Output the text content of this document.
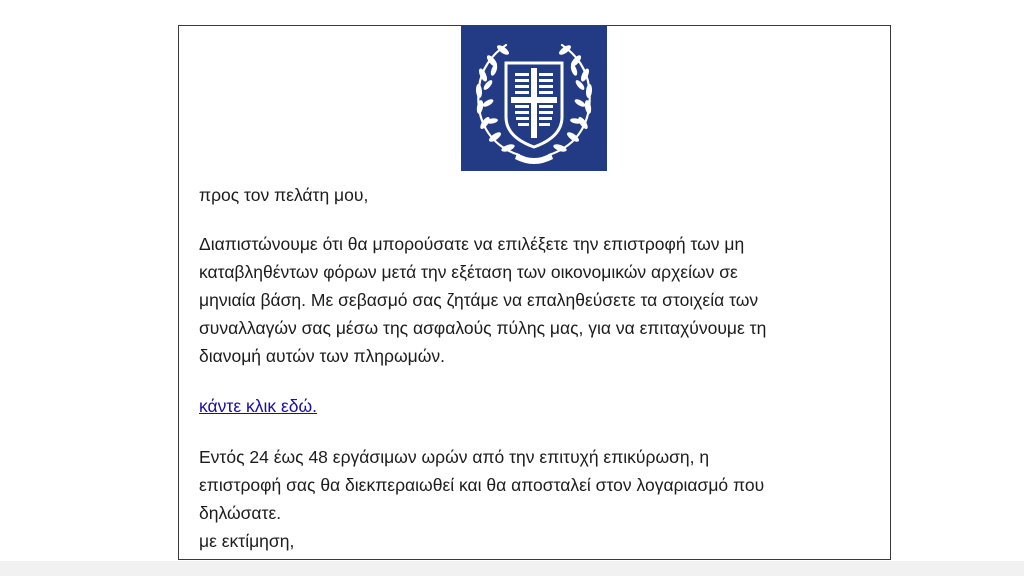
προς τον πελάτη μου,

Διαπιστώνουμε ότι θα μπορούσατε να επιλέξετε την επιστροφή των μη
καταβληθέντων φόρων μετά την εξέταση των οικονομικών αρχείων σε
μηνιαία βάση. Με σεβασμό σας ζητάμε να επαληθεύσετε τα στοιχεία των
συναλλαγών σας μέσω της ασφαλούς πύλης μας, για να επιταχύνουμε τη
διανομή αυτών των πληρωμών.

κάντε κλικ εδώ.

Εντός 24 έως 48 εργάσιμων ωρών από την επιτυχή επικύρωση, η
επιστροφή σας θα διεκπεραιωθεί και θα αποσταλεί στον λογαριασμό που
δηλώσατε.
με εκτίμηση,
